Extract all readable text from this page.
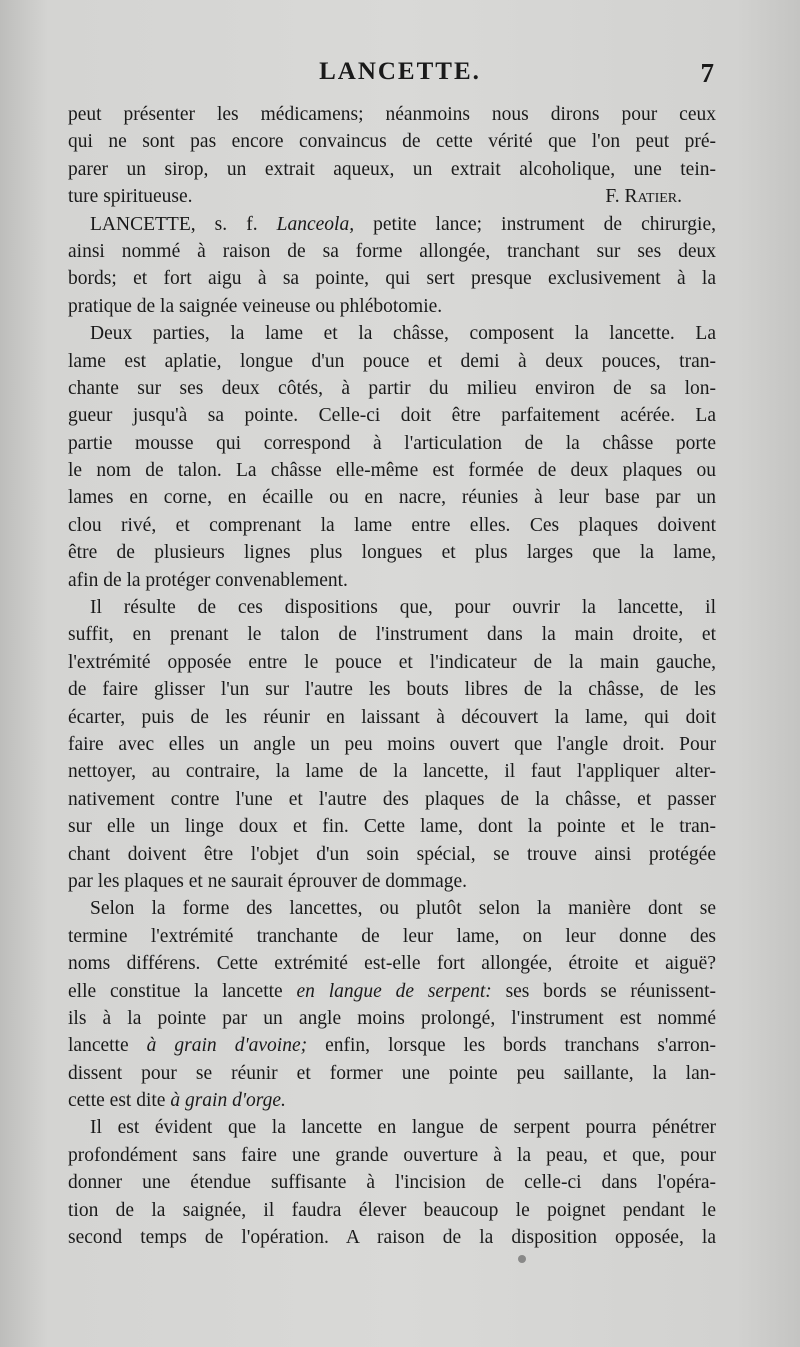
LANCETTE.	7
peut présenter les médicamens; néanmoins nous dirons pour ceux
qui ne sont pas encore convaincus de cette vérité que l'on peut pré-
parer un sirop, un extrait aqueux, un extrait alcoholique, une tein-
ture spiritueuse.	F. Ratier.
LANCETTE, s. f. Lanceola, petite lance; instrument de chirurgie,
ainsi nommé à raison de sa forme allongée, tranchant sur ses deux
bords; et fort aigu à sa pointe, qui sert presque exclusivement à la
pratique de la saignée veineuse ou phlébotomie.
Deux parties, la lame et la châsse, composent la lancette. La
lame est aplatie, longue d'un pouce et demi à deux pouces, tran-
chante sur ses deux côtés, à partir du milieu environ de sa lon-
gueur jusqu'à sa pointe. Celle-ci doit être parfaitement acérée. La
partie mousse qui correspond à l'articulation de la châsse porte
le nom de talon. La châsse elle-même est formée de deux plaques ou
lames en corne, en écaille ou en nacre, réunies à leur base par un
clou rivé, et comprenant la lame entre elles. Ces plaques doivent
être de plusieurs lignes plus longues et plus larges que la lame,
afin de la protéger convenablement.
Il résulte de ces dispositions que, pour ouvrir la lancette, il
suffit, en prenant le talon de l'instrument dans la main droite, et
l'extrémité opposée entre le pouce et l'indicateur de la main gauche,
de faire glisser l'un sur l'autre les bouts libres de la châsse, de les
écarter, puis de les réunir en laissant à découvert la lame, qui doit
faire avec elles un angle un peu moins ouvert que l'angle droit. Pour
nettoyer, au contraire, la lame de la lancette, il faut l'appliquer alter-
nativement contre l'une et l'autre des plaques de la châsse, et passer
sur elle un linge doux et fin. Cette lame, dont la pointe et le tran-
chant doivent être l'objet d'un soin spécial, se trouve ainsi protégée
par les plaques et ne saurait éprouver de dommage.
Selon la forme des lancettes, ou plutôt selon la manière dont se
termine l'extrémité tranchante de leur lame, on leur donne des
noms différens. Cette extrémité est-elle fort allongée, étroite et aiguë?
elle constitue la lancette en langue de serpent: ses bords se réunissent-
ils à la pointe par un angle moins prolongé, l'instrument est nommé
lancette à grain d'avoine; enfin, lorsque les bords tranchans s'arron-
dissent pour se réunir et former une pointe peu saillante, la lan-
cette est dite à grain d'orge.
Il est évident que la lancette en langue de serpent pourra pénétrer
profondément sans faire une grande ouverture à la peau, et que, pour
donner une étendue suffisante à l'incision de celle-ci dans l'opéra-
tion de la saignée, il faudra élever beaucoup le poignet pendant le
second temps de l'opération. A raison de la disposition opposée, la
